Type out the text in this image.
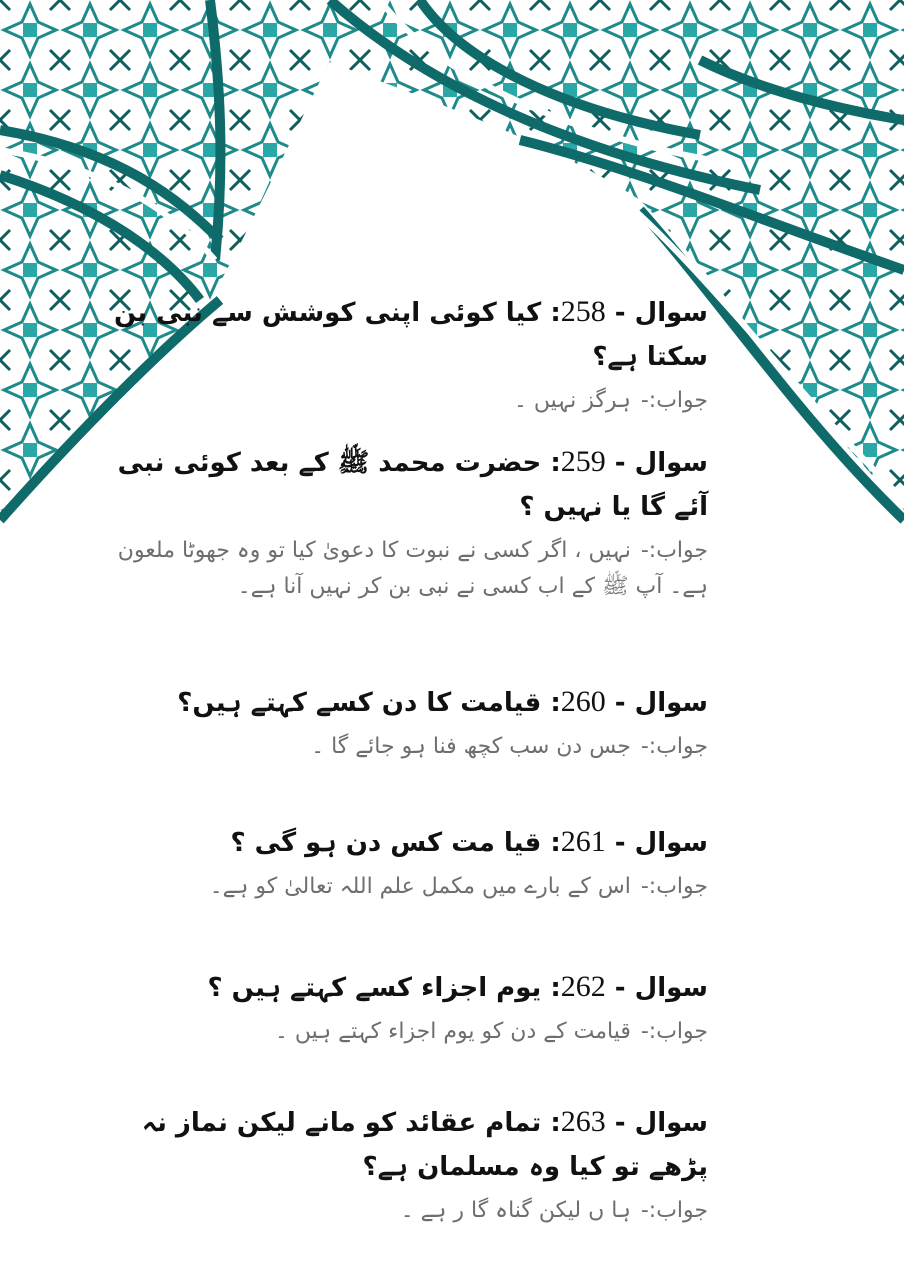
سوال - 258: کیا کوئی اپنی کوشش سے نبی بن سکتا ہے؟
جواب:-ہرگز نہیں ۔
سوال - 259: حضرت محمد ﷺ کے بعد کوئی نبی آئے گا یا نہیں ؟
جواب:-نہیں ، اگر کسی نے نبوت کا دعویٰ کیا تو وہ جھوٹا ملعون ہے۔ آپ ﷺ کے اب کسی نے نبی بن کر نہیں آنا ہے۔
سوال - 260: قیامت کا دن کسے کہتے ہیں؟
جواب:-جس دن سب کچھ فنا ہو جائے گا ۔
سوال - 261: قیا مت کس دن ہو گی ؟
جواب:-اس کے بارے میں مکمل علم اللہ تعالیٰ کو ہے۔
سوال - 262: یوم اجزاء کسے کہتے ہیں ؟
جواب:-قیامت کے دن کو یوم اجزاء کہتے ہیں ۔
سوال - 263: تمام عقائد کو مانے لیکن نماز نہ پڑھے تو کیا وہ مسلمان ہے؟
جواب:-ہا ں لیکن گناہ گا ر ہے ۔
